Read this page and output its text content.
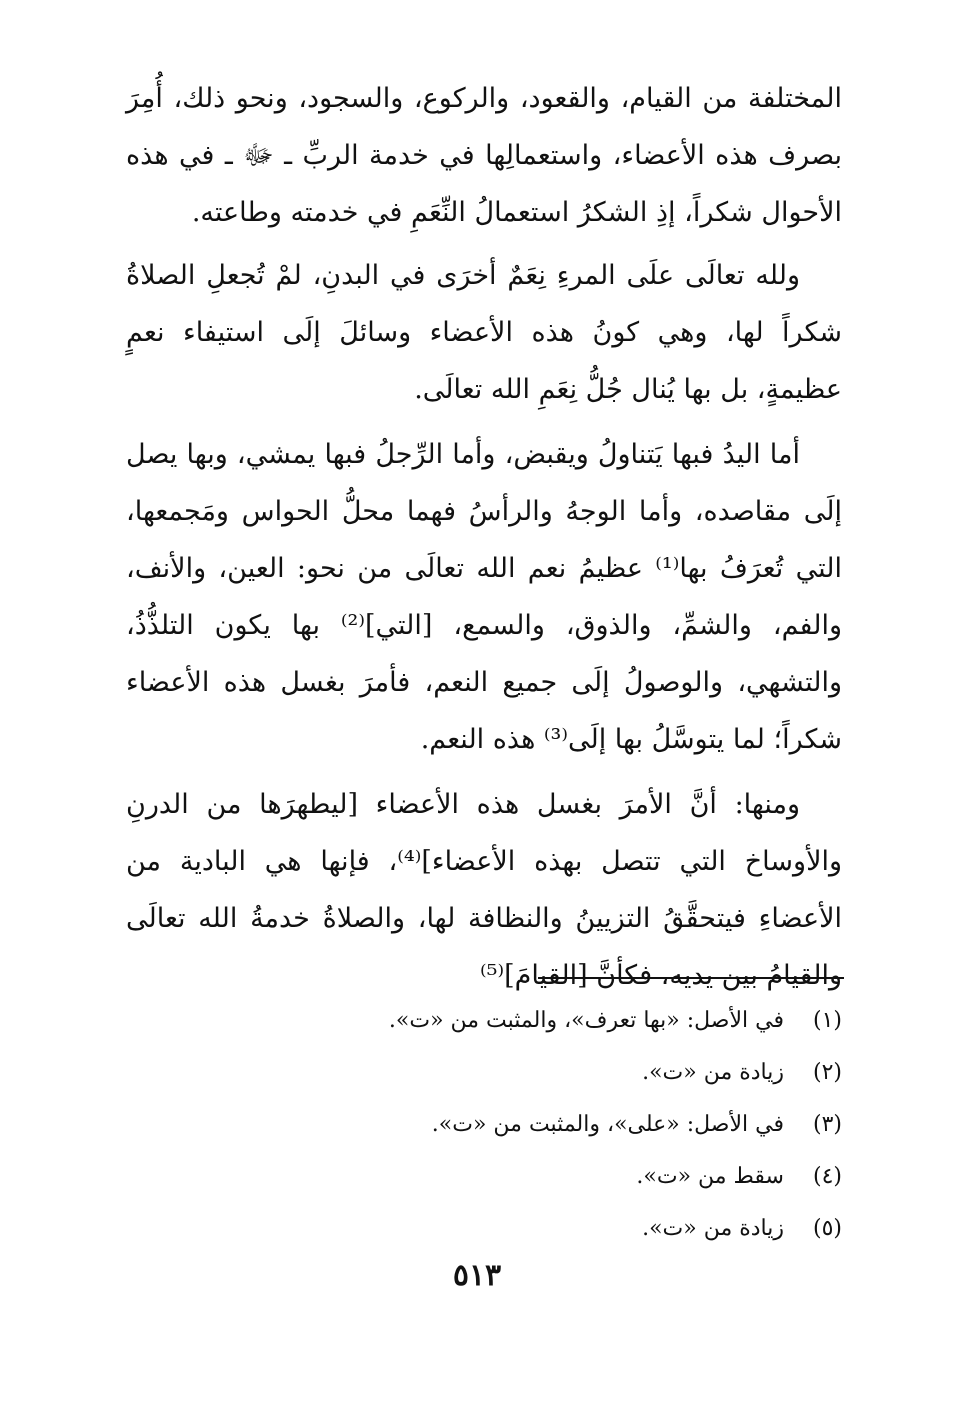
المختلفة من القيام، والقعود، والركوع، والسجود، ونحو ذلك، أُمِرَ بصرف هذه الأعضاء، واستعمالِها في خدمة الربِّ ـ ﷻ ـ في هذه الأحوال شكراً، إذِ الشكرُ استعمالُ النِّعَمِ في خدمته وطاعته.

ولله تعالَى علَى المرءِ نِعَمٌ أخرَى في البدنِ، لمْ تُجعلِ الصلاةُ شكراً لها، وهي كونُ هذه الأعضاء وسائلَ إلَى استيفاء نعمٍ عظيمةٍ، بل بها يُنال جُلُّ نِعَمِ الله تعالَى.

أما اليدُ فبها يَتناولُ ويقبض، وأما الرِّجلُ فبها يمشي، وبها يصل إلَى مقاصده، وأما الوجهُ والرأسُ فهما محلُّ الحواس ومَجمعها، التي تُعرَفُ بها⁽¹⁾ عظيمُ نعم الله تعالَى من نحو: العين، والأنف، والفم، والشمِّ، والذوق، والسمع، [التي]⁽²⁾ بها يكون التلذُّذُ، والتشهي، والوصولُ إلَى جميع النعم، فأمرَ بغسل هذه الأعضاء شكراً؛ لما يتوسَّلُ بها إلَى⁽³⁾ هذه النعم.

ومنها: أنَّ الأمرَ بغسل هذه الأعضاء [ليطهرَها من الدرنِ والأوساخ التي تتصل بهذه الأعضاء]⁽⁴⁾، فإنها هي البادية من الأعضاءِ فيتحقَّقُ التزيينُ والنظافة لها، والصلاةُ خدمةُ الله تعالَى والقيامُ بين يديه، فكأنَّ [القيامَ]⁽⁵⁾

(١)
في الأصل: «بها تعرف»، والمثبت من «ت».
(٢)
زيادة من «ت».
(٣)
في الأصل: «على»، والمثبت من «ت».
(٤)
سقط من «ت».
(٥)
زيادة من «ت».
٥١٣
